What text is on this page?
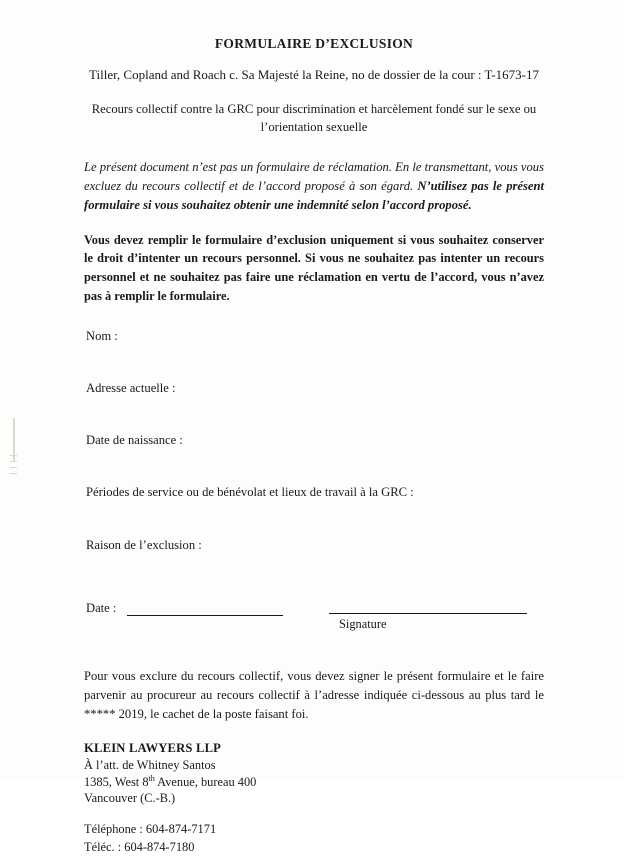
FORMULAIRE D’EXCLUSION

Tiller, Copland and Roach c. Sa Majesté la Reine, no de dossier de la cour : T-1673-17

Recours collectif contre la GRC pour discrimination et harcèlement fondé sur le sexe ou l’orientation sexuelle

Le présent document n’est pas un formulaire de réclamation. En le transmettant, vous vous excluez du recours collectif et de l’accord proposé à son égard. N’utilisez pas le présent formulaire si vous souhaitez obtenir une indemnité selon l’accord proposé.

Vous devez remplir le formulaire d’exclusion uniquement si vous souhaitez conserver le droit d’intenter un recours personnel. Si vous ne souhaitez pas intenter un recours personnel et ne souhaitez pas faire une réclamation en vertu de l’accord, vous n’avez pas à remplir le formulaire.

Nom :
Adresse actuelle :
Date de naissance :
Périodes de service ou de bénévolat et lieux de travail à la GRC :
Raison de l’exclusion :
Date :
Signature

Pour vous exclure du recours collectif, vous devez signer le présent formulaire et le faire parvenir au procureur au recours collectif à l’adresse indiquée ci-dessous au plus tard le ***** 2019, le cachet de la poste faisant foi.

KLEIN LAWYERS LLP
À l’att. de Whitney Santos
1385, West 8th Avenue, bureau 400
Vancouver (C.-B.)
Téléphone : 604-874-7171
Téléc. : 604-874-7180
